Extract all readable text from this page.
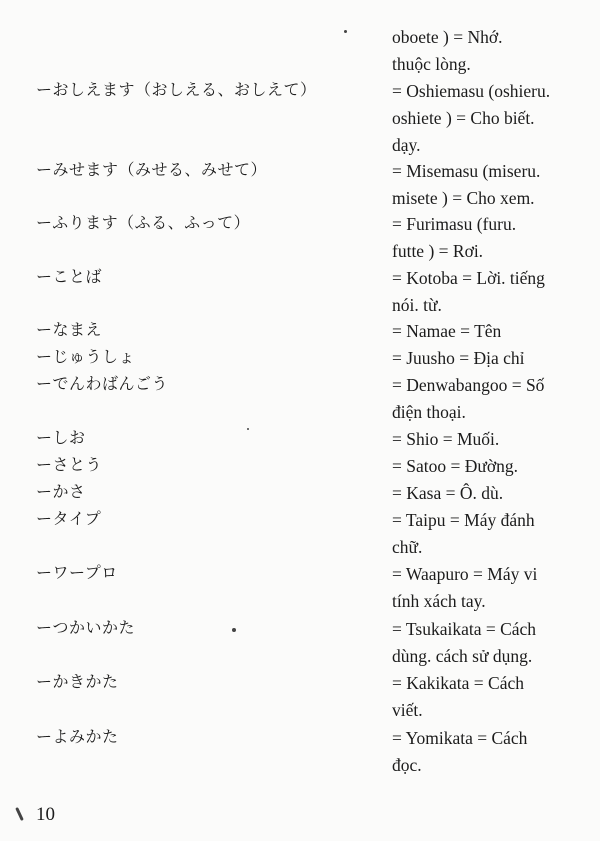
oboete ) = Nhớ.
thuộc lòng.
ーおしえます（おしえる、おしえて）	= Oshiemasu (oshieru.
oshiete ) = Cho biết.
dạy.
ーみせます（みせる、みせて）	= Misemasu (miseru.
misete ) = Cho xem.
ーふります（ふる、ふって）	= Furimasu (furu.
futte ) = Rơi.
ーことば	= Kotoba = Lời. tiếng
nói. từ.
ーなまえ	= Namae = Tên
ーじゅうしょ	= Juusho = Địa chỉ
ーでんわばんごう	= Denwabangoo = Số
điện thoại.
ーしお	= Shio = Muối.
ーさとう	= Satoo = Đường.
ーかさ	= Kasa = Ô. dù.
ータイプ	= Taipu = Máy đánh
chữ.
ーワープロ	= Waapuro = Máy vi
tính xách tay.
ーつかいかた	= Tsukaikata = Cách
dùng. cách sử dụng.
ーかきかた	= Kakikata = Cách
viết.
ーよみかた	= Yomikata = Cách
đọc.
10
